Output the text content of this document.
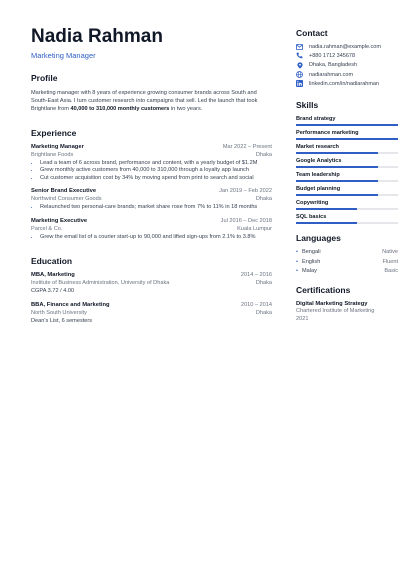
Nadia Rahman
Marketing Manager
Profile
Marketing manager with 8 years of experience growing consumer brands across South and South-East Asia. I turn customer research into campaigns that sell. Led the launch that took Brightlane from 40,000 to 310,000 monthly customers in two years.
Experience
Marketing Manager	Mar 2022 – Present
Brightlane Foods	Dhaka
• Lead a team of 6 across brand, performance and content, with a yearly budget of $1.2M
• Grew monthly active customers from 40,000 to 310,000 through a loyalty app launch
• Cut customer acquisition cost by 34% by moving spend from print to search and social
Senior Brand Executive	Jan 2019 – Feb 2022
Northwind Consumer Goods	Dhaka
• Relaunched two personal-care brands; market share rose from 7% to 11% in 18 months
Marketing Executive	Jul 2016 – Dec 2018
Parcel & Co.	Kuala Lumpur
• Grew the email list of a courier start-up to 90,000 and lifted sign-ups from 2.1% to 3.8%
Education
MBA, Marketing	2014 – 2016
Institute of Business Administration, University of Dhaka	Dhaka
CGPA 3.72 / 4.00
BBA, Finance and Marketing	2010 – 2014
North South University	Dhaka
Dean's List, 6 semesters
Contact
nadia.rahman@example.com
+880 1712 345678
Dhaka, Bangladesh
nadiarahman.com
linkedin.com/in/nadiarahman
Skills
Brand strategy
Performance marketing
Market research
Google Analytics
Team leadership
Budget planning
Copywriting
SQL basics
Languages
• Bengali	Native
• English	Fluent
• Malay	Basic
Certifications
Digital Marketing Strategy
Chartered Institute of Marketing
2021
